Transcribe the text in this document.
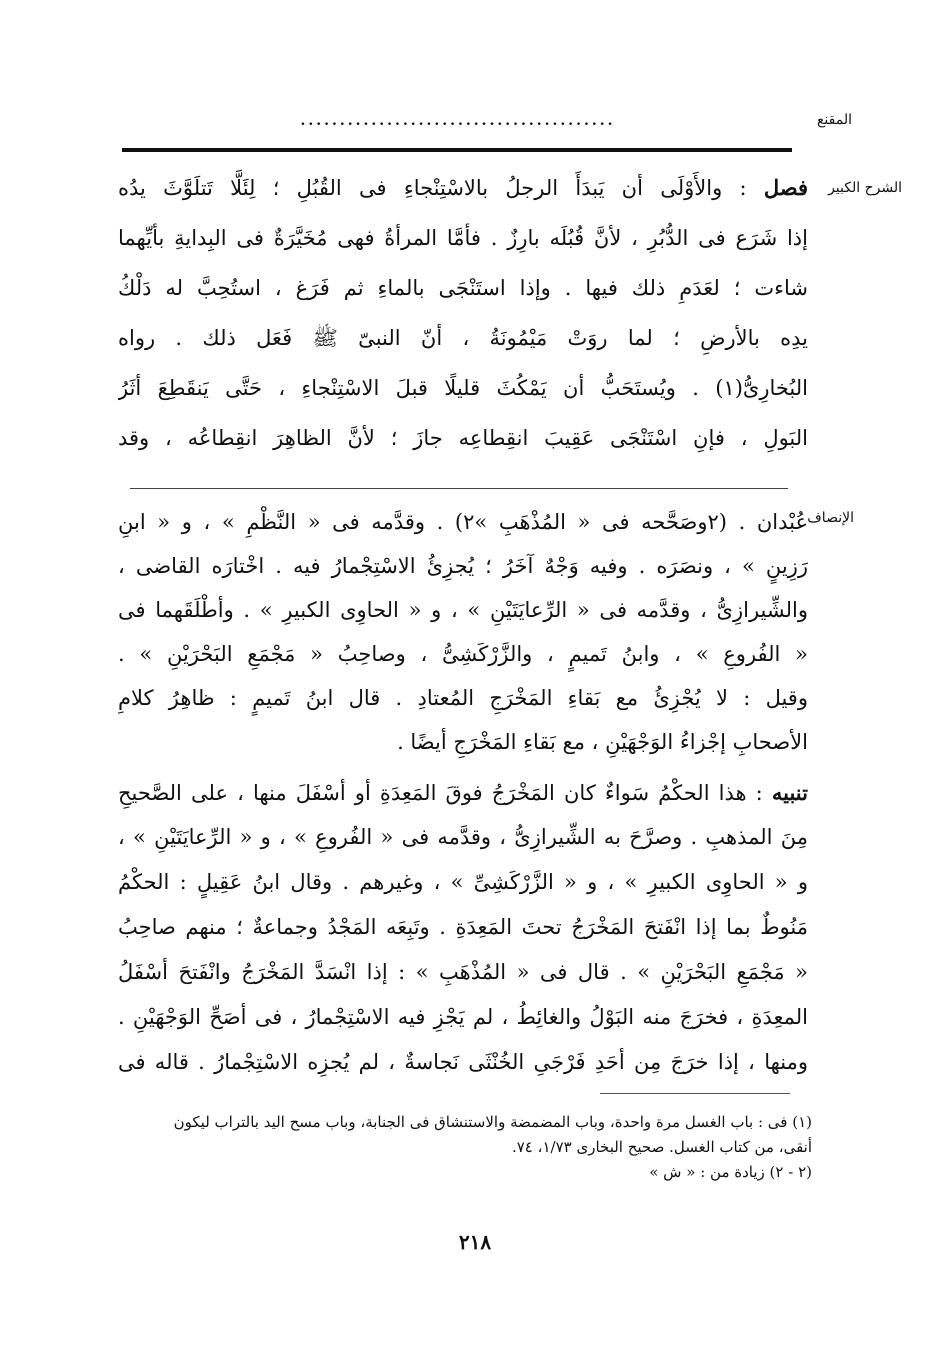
المقنع
........................................
الشرح الكبير
الإنصاف
فصل : والأَوْلَى أن يَبدَأَ الرجلُ بالاسْتِنْجاءِ فى القُبُلِ ؛ لِئَلَّا تَتلَوَّثَ يدُه
إذا شَرَع فى الدُّبُرِ ، لأنَّ قُبُلَه بارِزٌ . فأمَّا المرأةُ فهى مُخَيَّرَةٌ فى البِدايةِ بأيِّهما
شاءت ؛ لعَدَمِ ذلك فيها . وإذا استَنْجَى بالماءِ ثم فَرَغ ، استُحِبَّ له دَلْكُ
يدِه بالأرضِ ؛ لما روَتْ مَيْمُونَةُ ، أنّ النبىّ ﷺ فَعَل ذلك . رواه
البُخارِىُّ(١) . ويُستَحَبُّ أن يَمْكُثَ قليلًا قبلَ الاسْتِنْجاءِ ، حَتَّى يَنقَطِعَ أثَرُ
البَولِ ، فإنِ اسْتَنْجَى عَقِيبَ انقِطاعِه جازَ ؛ لأنَّ الظاهِرَ انقِطاعُه ، وقد
عُبْدان . (٢وصَحَّحه فى « المُذْهَبِ »٢) . وقدَّمه فى « النَّظْمِ » ، و « ابنِ
رَزِينٍ » ، ونصَرَه . وفيه وَجْهٌ آخَرُ ؛ يُجزِئُ الاسْتِجْمارُ فيه . اخْتارَه القاضى ،
والشِّيرازِىُّ ، وقدَّمه فى « الرِّعايَتَيْنِ » ، و « الحاوِى الكبيرِ » . وأطْلَقَهما فى
« الفُروعِ » ، وابنُ تَميمٍ ، والزَّرْكَشِىُّ ، وصاحِبُ « مَجْمَعِ البَحْرَيْنِ » .
وقيل : لا يُجْزِئُ مع بَقاءِ المَخْرَجِ المُعتادِ . قال ابنُ تَميمٍ : ظاهِرُ كلامِ
الأصحابِ إجْزاءُ الوَجْهَيْنِ ، مع بَقاءِ المَخْرَجِ أيضًا .
تنبيه : هذا الحكْمُ سَواءٌ كان المَخْرَجُ فوقَ المَعِدَةِ أو أسْفَلَ منها ، على الصَّحيحِ
مِنَ المذهبِ . وصرَّحَ به الشِّيرازِىُّ ، وقدَّمه فى « الفُروعِ » ، و « الرِّعايَتَيْنِ » ،
و « الحاوِى الكبيرِ » ، و « الزَّرْكَشِىِّ » ، وغيرهم . وقال ابنُ عَقِيلٍ : الحكْمُ
مَنُوطٌ بما إذا انْفَتحَ المَخْرَجُ تحتَ المَعِدَةِ . وتَبِعَه المَجْدُ وجماعةٌ ؛ منهم صاحِبُ
« مَجْمَعِ البَحْرَيْنِ » . قال فى « المُذْهَبِ » : إذا انْسَدَّ المَخْرَجُ وانْفَتحَ أسْفَلُ
المعِدَةِ ، فخرَجَ منه البَوْلُ والغائِطُ ، لم يَجْزِ فيه الاسْتِجْمارُ ، فى أصَحِّ الوَجْهَيْنِ .
ومنها ، إذا خرَجَ مِن أحَدِ فَرْجَىِ الخُنْثَى نَجاسةٌ ، لم يُجزِه الاسْتِجْمارُ . قاله فى
(١) فى : باب الغسل مرة واحدة، وباب المضمضة والاستنشاق فى الجنابة، وباب مسح اليد بالتراب ليكون
أنقى، من كتاب الغسل. صحيح البخارى ١/٧٣، ٧٤.
(٢ - ٢) زيادة من : « ش »
٢١٨
